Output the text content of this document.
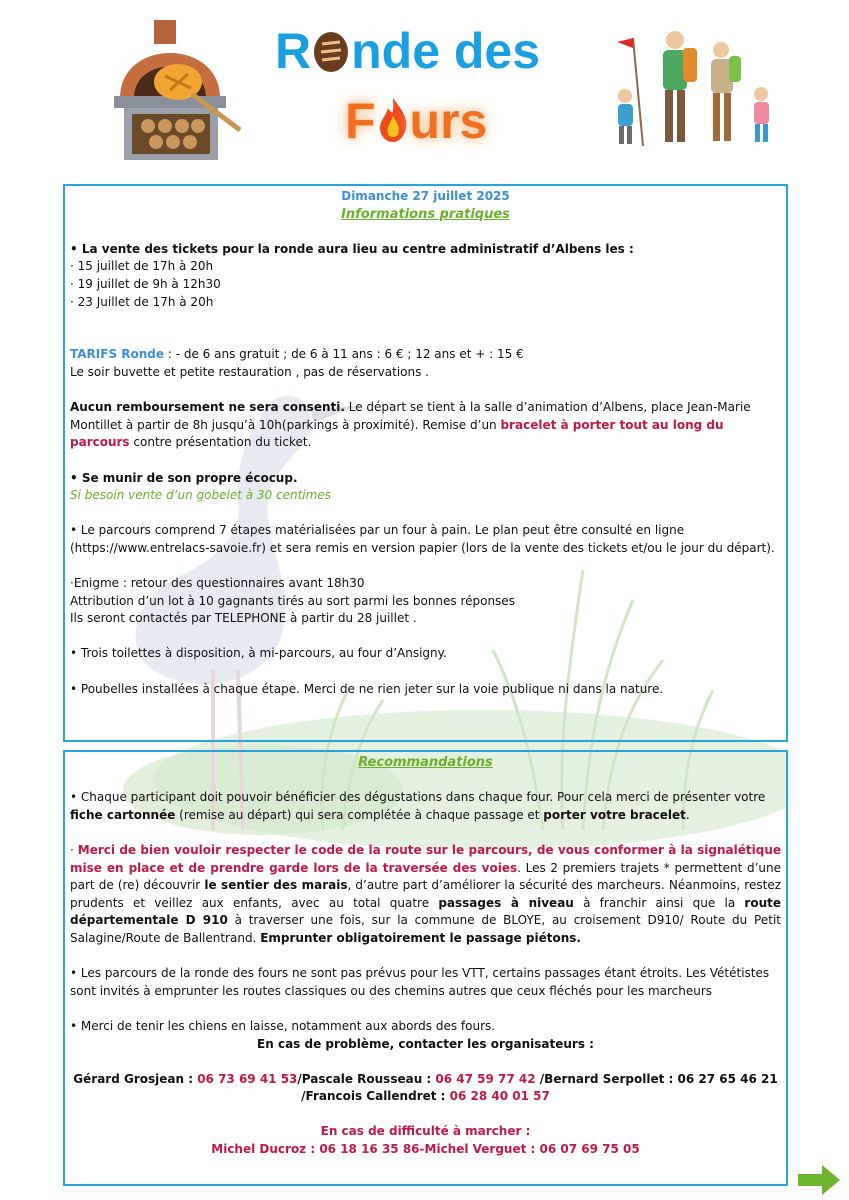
R nde des
F urs

Dimanche 27 juillet 2025

Informations pratiques

• La vente des tickets pour la ronde aura lieu au centre administratif d’Albens les :

· 15 juillet de 17h à 20h

· 19 juillet de 9h à 12h30

· 23 Juillet de 17h à 20h

TARIFS Ronde : - de 6 ans gratuit ; de 6 à 11 ans : 6 € ; 12 ans et + : 15 €

Le soir buvette et petite restauration , pas de réservations .

Aucun remboursement ne sera consenti. Le départ se tient à la salle d’animation d’Albens, place Jean-Marie Montillet à partir de 8h jusqu’à 10h(parkings à proximité). Remise d’un bracelet à porter tout au long du parcours contre présentation du ticket.

• Se munir de son propre écocup.

Si besoin vente d’un gobelet à 30 centimes

• Le parcours comprend 7 étapes matérialisées par un four à pain. Le plan peut être consulté en ligne (https://www.entrelacs-savoie.fr) et sera remis en version papier (lors de la vente des tickets et/ou le jour du départ).

·Enigme : retour des questionnaires avant 18h30

Attribution d’un lot à 10 gagnants tirés au sort parmi les bonnes réponses

Ils seront contactés par TELEPHONE à partir du 28 juillet .

• Trois toilettes à disposition, à mi-parcours, au four d’Ansigny.

• Poubelles installées à chaque étape. Merci de ne rien jeter sur la voie publique ni dans la nature.

Recommandations

• Chaque participant doit pouvoir bénéficier des dégustations dans chaque four. Pour cela merci de présenter votre fiche cartonnée (remise au départ) qui sera complétée à chaque passage et porter votre bracelet.

· Merci de bien vouloir respecter le code de la route sur le parcours, de vous conformer à la signalétique mise en place et de prendre garde lors de la traversée des voies. Les 2 premiers trajets * permettent d’une part de (re) découvrir le sentier des marais, d’autre part d’améliorer la sécurité des marcheurs. Néanmoins, restez prudents et veillez aux enfants, avec au total quatre passages à niveau à franchir ainsi que la route départementale D 910 à traverser une fois, sur la commune de BLOYE, au croisement D910/ Route du Petit Salagine/Route de Ballentrand. Emprunter obligatoirement le passage piétons.

• Les parcours de la ronde des fours ne sont pas prévus pour les VTT, certains passages étant étroits. Les Vététistes sont invités à emprunter les routes classiques ou des chemins autres que ceux fléchés pour les marcheurs

• Merci de tenir les chiens en laisse, notamment aux abords des fours.

En cas de problème, contacter les organisateurs :

Gérard Grosjean : 06 73 69 41 53/Pascale Rousseau : 06 47 59 77 42 /Bernard Serpollet : 06 27 65 46 21
/Francois Callendret : 06 28 40 01 57

En cas de difficulté à marcher :

Michel Ducroz : 06 18 16 35 86-Michel Verguet : 06 07 69 75 05
